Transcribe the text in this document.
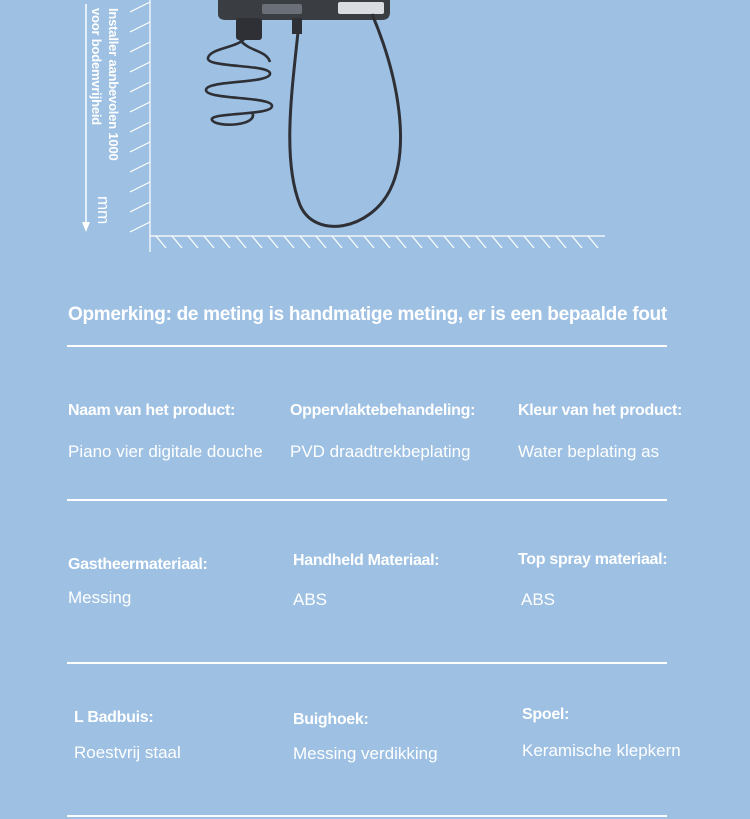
Installer aanbevolen 1000
voor bodemvrijheid
mm
Opmerking: de meting is handmatige meting, er is een bepaalde fout
Naam van het product:
Piano vier digitale douche
Oppervlaktebehandeling:
PVD draadtrekbeplating
Kleur van het product:
Water beplating as
Gastheermateriaal:
Messing
Handheld Materiaal:
ABS
Top spray materiaal:
ABS
L Badbuis:
Roestvrij staal
Buighoek:
Messing verdikking
Spoel:
Keramische klepkern
